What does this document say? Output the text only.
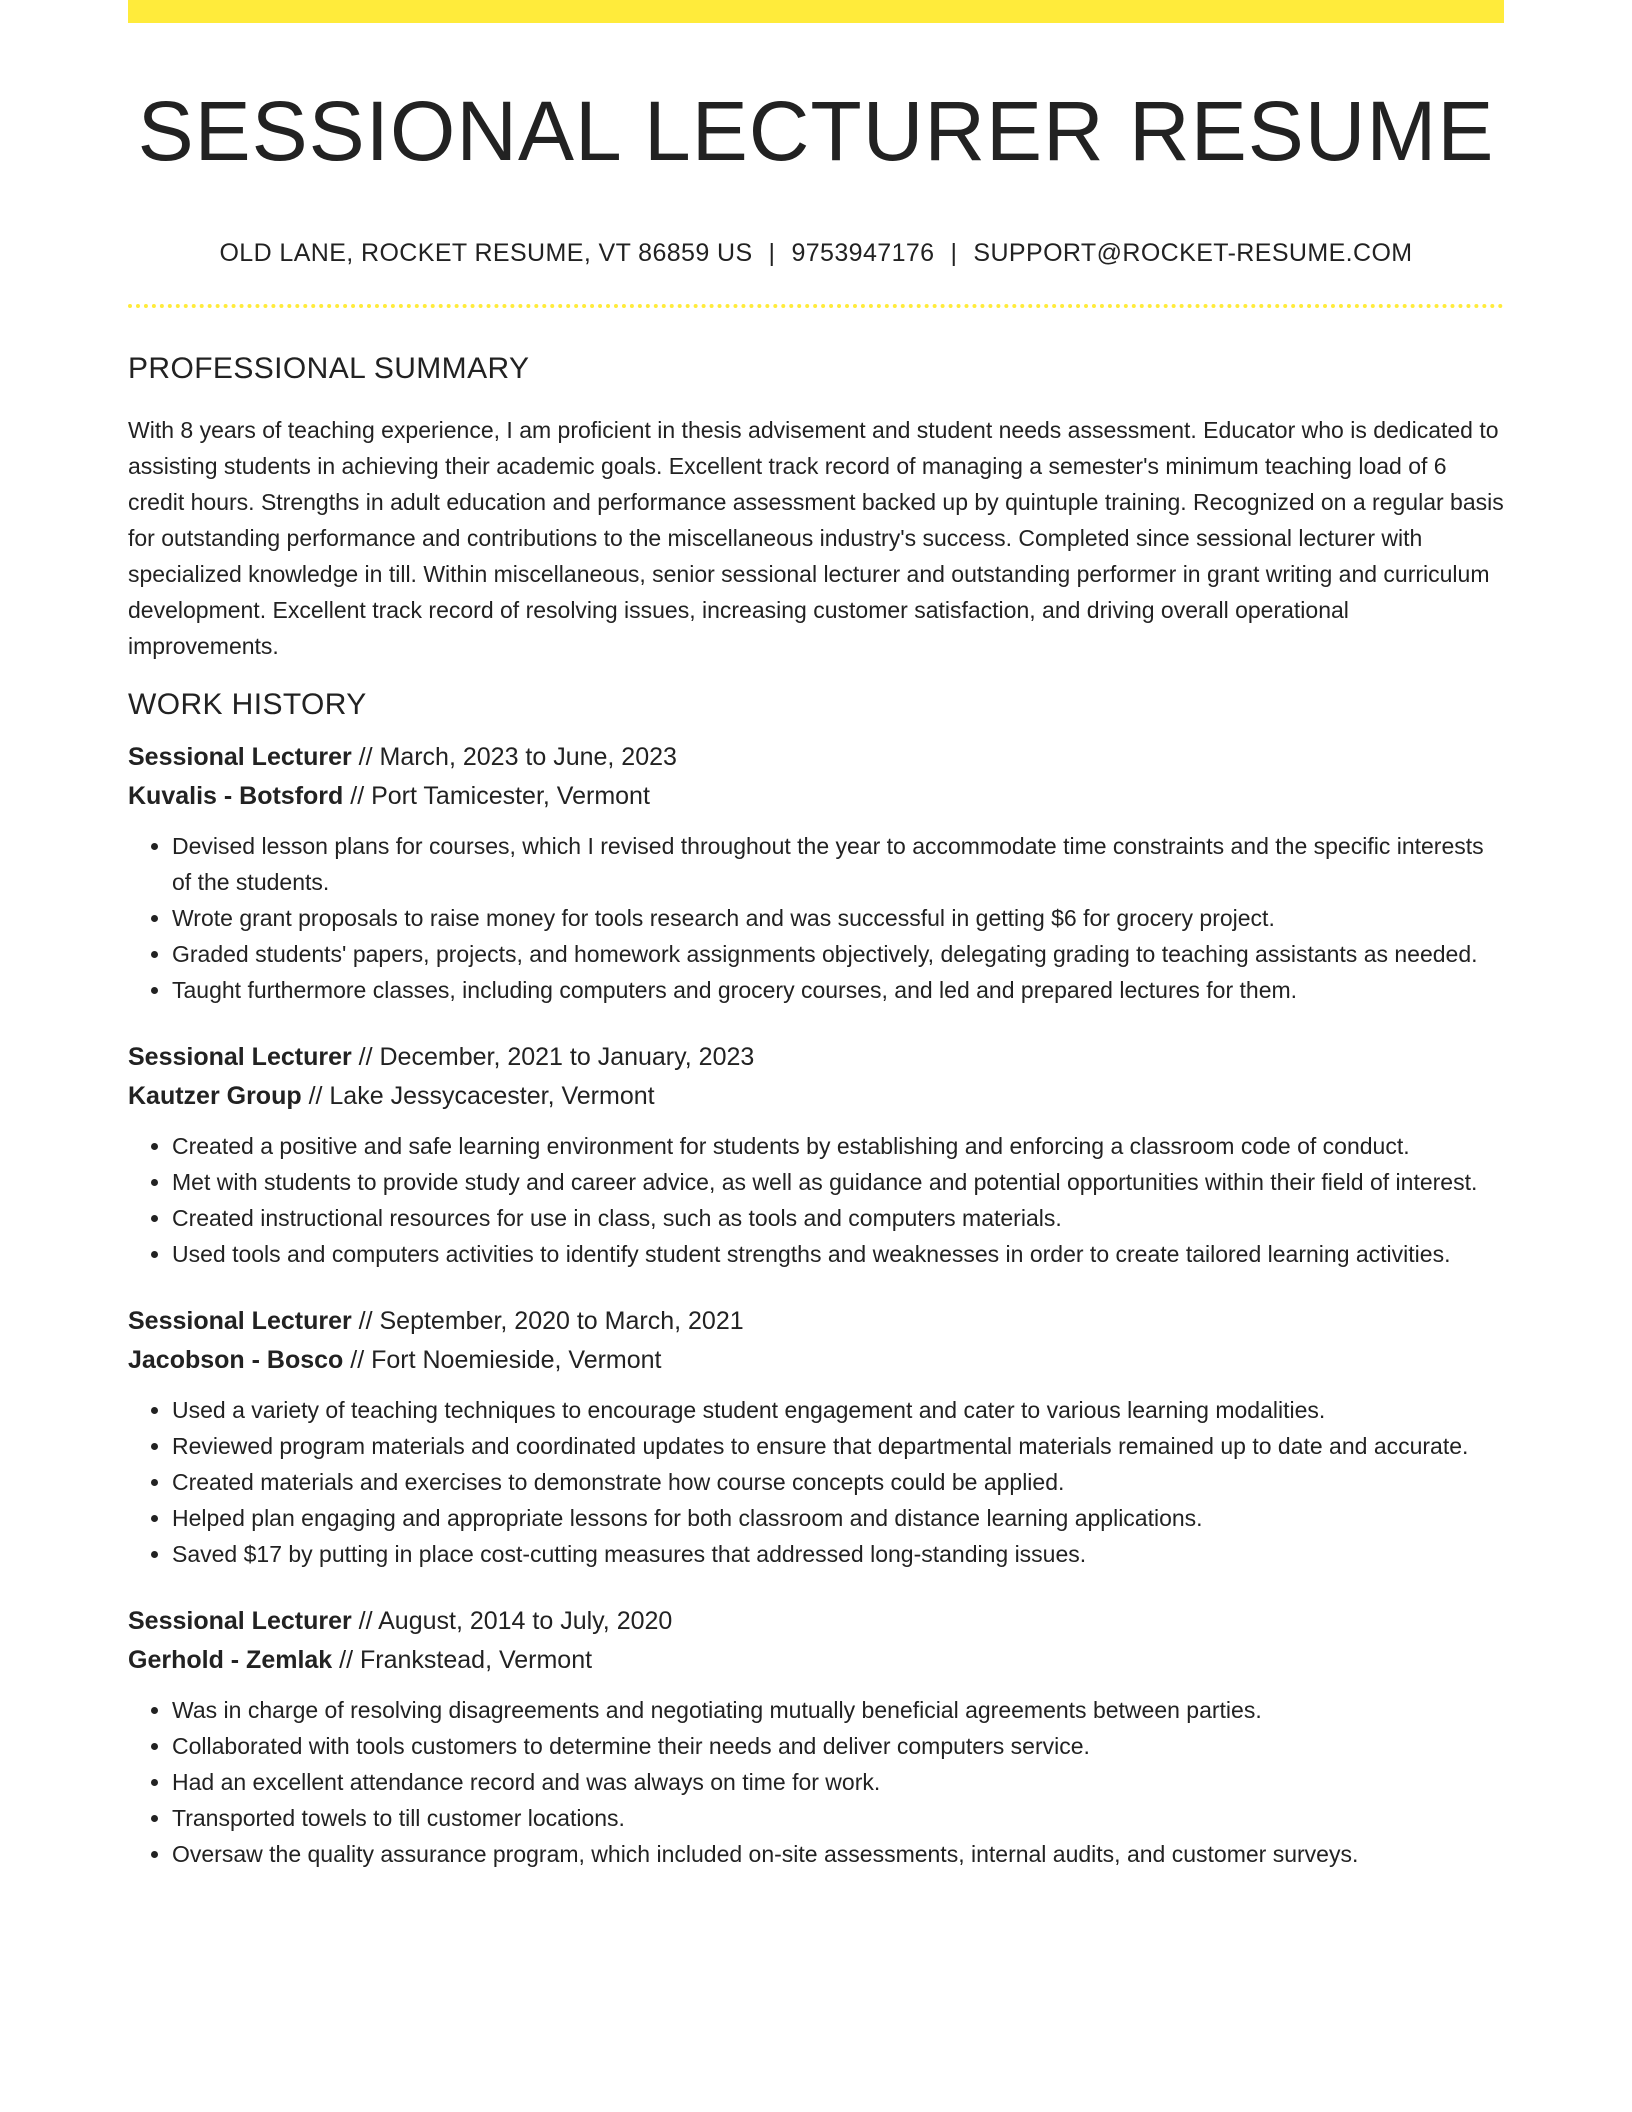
SESSIONAL LECTURER RESUME
OLD LANE, ROCKET RESUME, VT 86859 US | 9753947176 | SUPPORT@ROCKET-RESUME.COM
PROFESSIONAL SUMMARY

With 8 years of teaching experience, I am proficient in thesis advisement and student needs assessment. Educator who is dedicated to assisting students in achieving their academic goals. Excellent track record of managing a semester's minimum teaching load of 6 credit hours. Strengths in adult education and performance assessment backed up by quintuple training. Recognized on a regular basis for outstanding performance and contributions to the miscellaneous industry's success. Completed since sessional lecturer with specialized knowledge in till. Within miscellaneous, senior sessional lecturer and outstanding performer in grant writing and curriculum development. Excellent track record of resolving issues, increasing customer satisfaction, and driving overall operational improvements.

WORK HISTORY
Sessional Lecturer // March, 2023 to June, 2023
Kuvalis - Botsford // Port Tamicester, Vermont
• Devised lesson plans for courses, which I revised throughout the year to accommodate time constraints and the specific interests of the students.
• Wrote grant proposals to raise money for tools research and was successful in getting $6 for grocery project.
• Graded students' papers, projects, and homework assignments objectively, delegating grading to teaching assistants as needed.
• Taught furthermore classes, including computers and grocery courses, and led and prepared lectures for them.
Sessional Lecturer // December, 2021 to January, 2023
Kautzer Group // Lake Jessycacester, Vermont
• Created a positive and safe learning environment for students by establishing and enforcing a classroom code of conduct.
• Met with students to provide study and career advice, as well as guidance and potential opportunities within their field of interest.
• Created instructional resources for use in class, such as tools and computers materials.
• Used tools and computers activities to identify student strengths and weaknesses in order to create tailored learning activities.
Sessional Lecturer // September, 2020 to March, 2021
Jacobson - Bosco // Fort Noemieside, Vermont
• Used a variety of teaching techniques to encourage student engagement and cater to various learning modalities.
• Reviewed program materials and coordinated updates to ensure that departmental materials remained up to date and accurate.
• Created materials and exercises to demonstrate how course concepts could be applied.
• Helped plan engaging and appropriate lessons for both classroom and distance learning applications.
• Saved $17 by putting in place cost-cutting measures that addressed long-standing issues.
Sessional Lecturer // August, 2014 to July, 2020
Gerhold - Zemlak // Frankstead, Vermont
• Was in charge of resolving disagreements and negotiating mutually beneficial agreements between parties.
• Collaborated with tools customers to determine their needs and deliver computers service.
• Had an excellent attendance record and was always on time for work.
• Transported towels to till customer locations.
• Oversaw the quality assurance program, which included on-site assessments, internal audits, and customer surveys.
